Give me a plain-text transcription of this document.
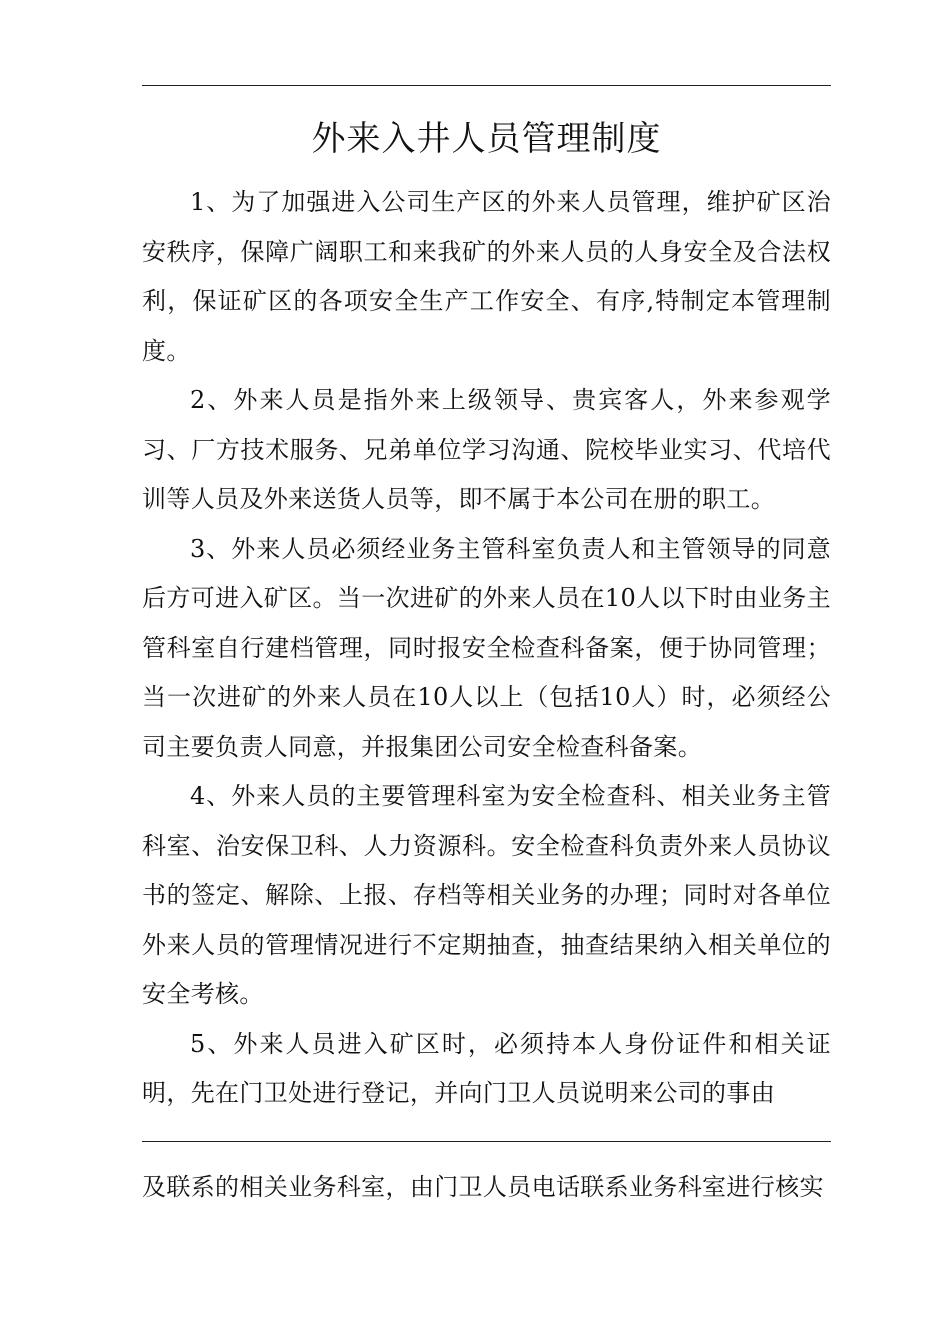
外来入井人员管理制度

1、为了加强进入公司生产区的外来人员管理，维护矿区治安秩序，保障广阔职工和来我矿的外来人员的人身安全及合法权利，保证矿区的各项安全生产工作安全、有序,特制定本管理制度。

2、外来人员是指外来上级领导、贵宾客人，外来参观学习、厂方技术服务、兄弟单位学习沟通、院校毕业实习、代培代训等人员及外来送货人员等，即不属于本公司在册的职工。

3、外来人员必须经业务主管科室负责人和主管领导的同意后方可进入矿区。当一次进矿的外来人员在10人以下时由业务主管科室自行建档管理，同时报安全检查科备案，便于协同管理；当一次进矿的外来人员在10人以上（包括10人）时，必须经公司主要负责人同意，并报集团公司安全检查科备案。

4、外来人员的主要管理科室为安全检查科、相关业务主管科室、治安保卫科、人力资源科。安全检查科负责外来人员协议书的签定、解除、上报、存档等相关业务的办理；同时对各单位外来人员的管理情况进行不定期抽查，抽查结果纳入相关单位的安全考核。

5、外来人员进入矿区时，必须持本人身份证件和相关证明，先在门卫处进行登记，并向门卫人员说明来公司的事由

及联系的相关业务科室，由门卫人员电话联系业务科室进行核实
